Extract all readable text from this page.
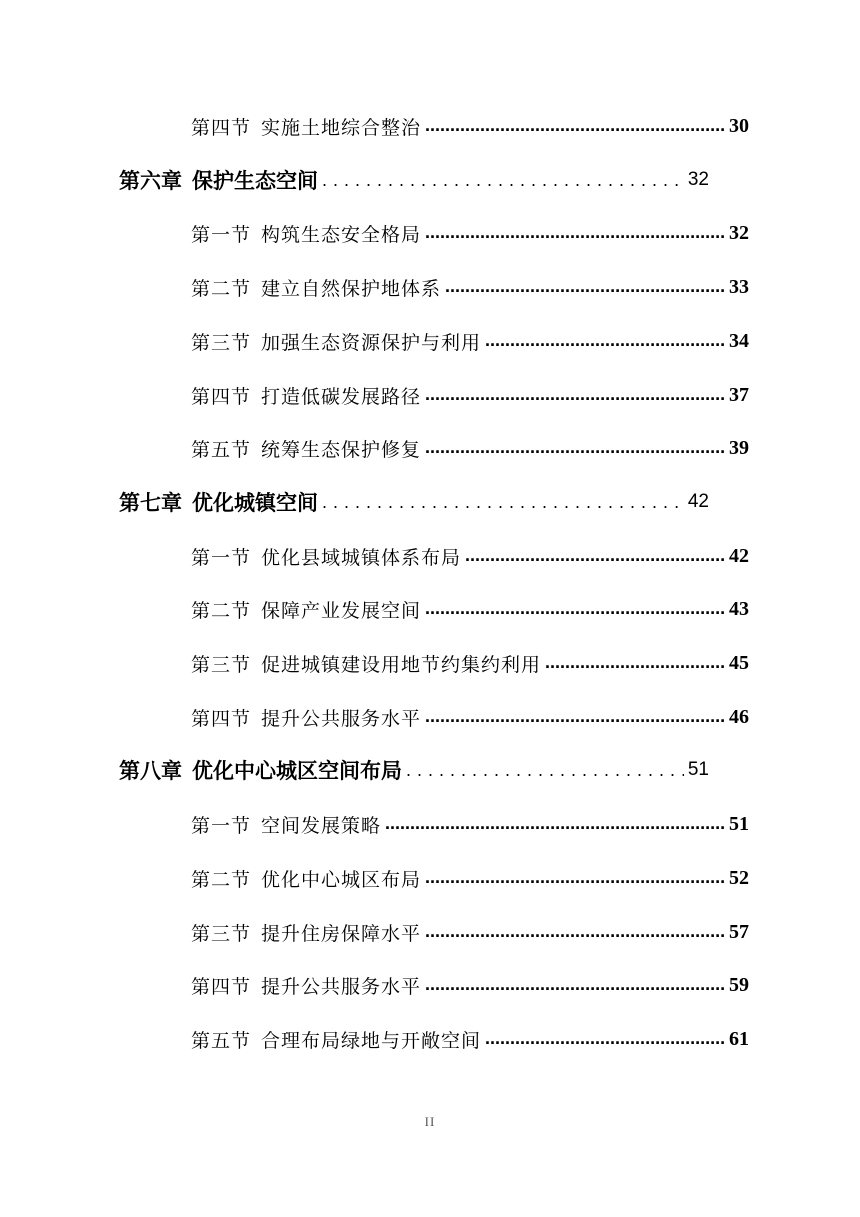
第四节 实施土地综合整治 .....	30
第六章 保护生态空间 . . .	32
第一节 构筑生态安全格局 .....	32
第二节 建立自然保护地体系 .....	33
第三节 加强生态资源保护与利用 .....	34
第四节 打造低碳发展路径 .....	37
第五节 统筹生态保护修复 .....	39
第七章 优化城镇空间 . . .	42
第一节 优化县域城镇体系布局 .....	42
第二节 保障产业发展空间 .....	43
第三节 促进城镇建设用地节约集约利用 .....	45
第四节 提升公共服务水平 .....	46
第八章 优化中心城区空间布局 . . .	51
第一节 空间发展策略 .....	51
第二节 优化中心城区布局 .....	52
第三节 提升住房保障水平 .....	57
第四节 提升公共服务水平 .....	59
第五节 合理布局绿地与开敞空间 .....	61
II
